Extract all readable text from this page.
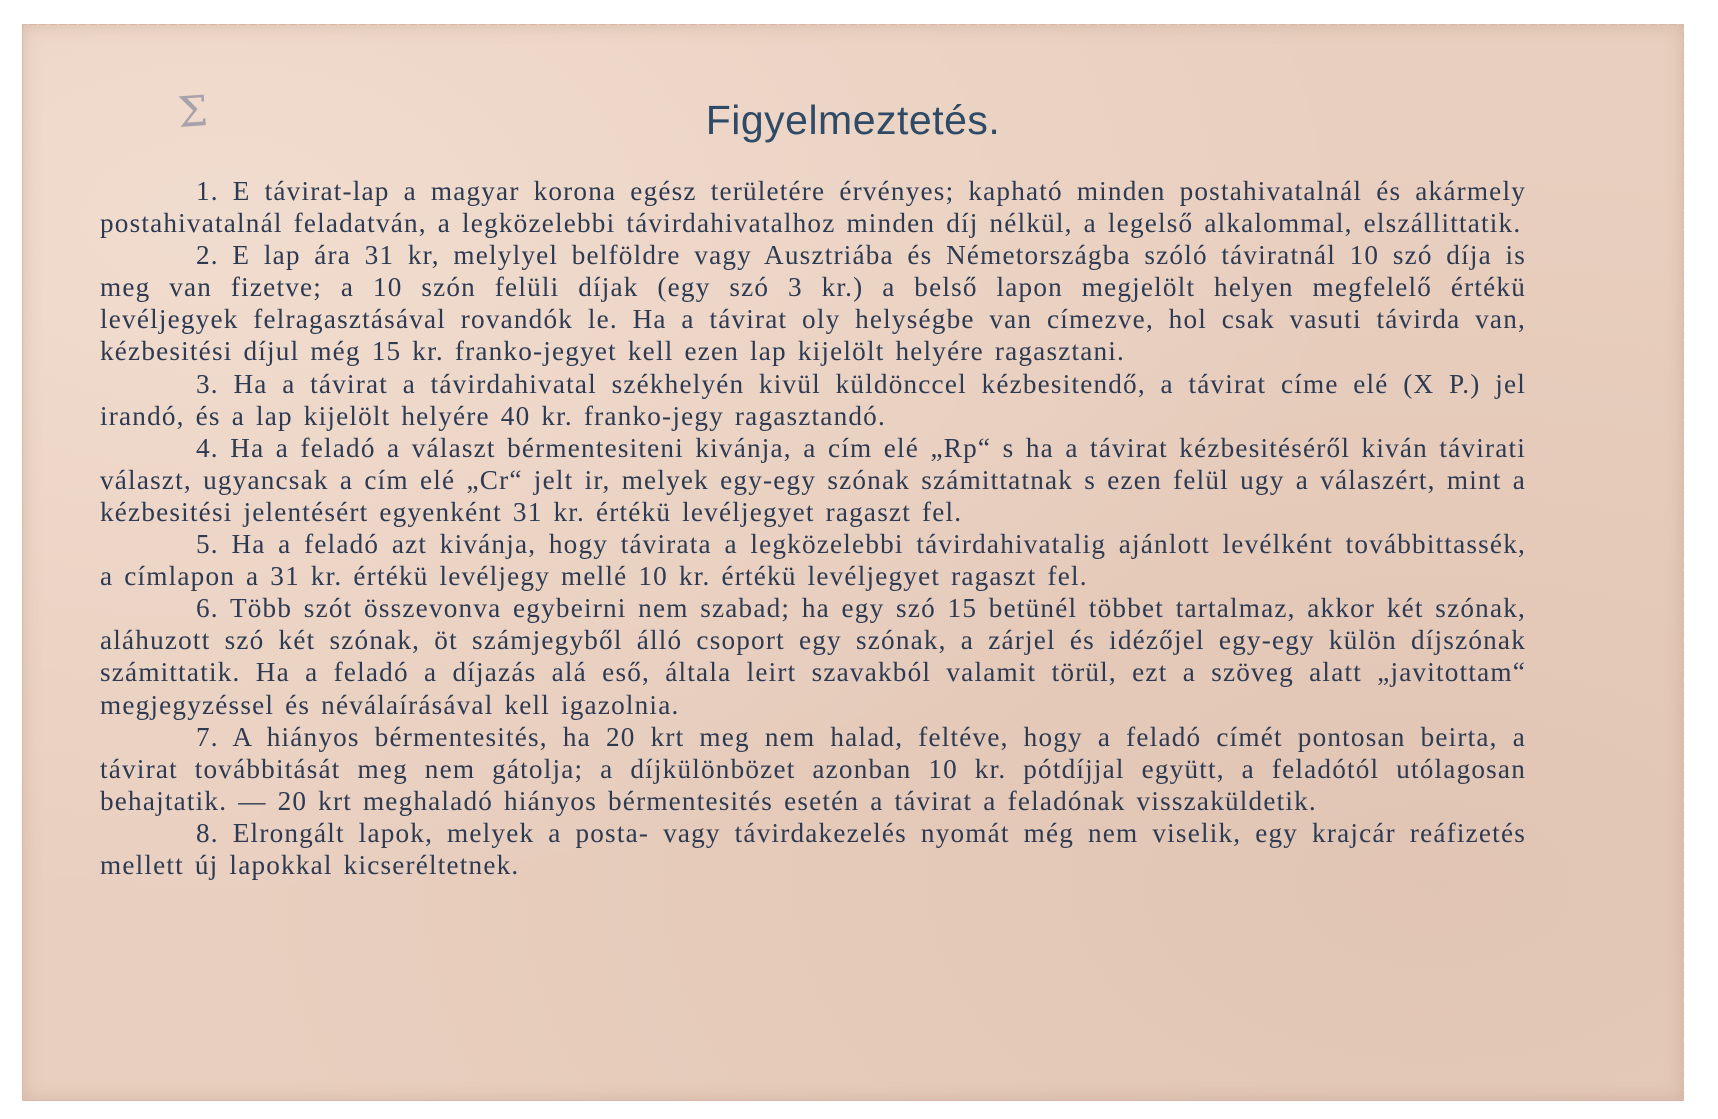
Σ	Figyelmeztetés.

1. E távirat-lap a magyar korona egész területére érvényes; kapható minden postahivatalnál és akármely postahivatalnál feladatván, a legközelebbi távirdahivatalhoz minden díj nélkül, a legelső alkalommal, elszállittatik.

2. E lap ára 31 kr, melylyel belföldre vagy Ausztriába és Németországba szóló táviratnál 10 szó díja is meg van fizetve; a 10 szón felüli díjak (egy szó 3 kr.) a belső lapon megjelölt helyen megfelelő értékü levéljegyek felragasztásával rovandók le. Ha a távirat oly helységbe van címezve, hol csak vasuti távirda van, kézbesitési díjul még 15 kr. franko-jegyet kell ezen lap kijelölt helyére ragasztani.

3. Ha a távirat a távirdahivatal székhelyén kivül küldönccel kézbesitendő, a távirat címe elé (X P.) jel irandó, és a lap kijelölt helyére 40 kr. franko-jegy ragasztandó.

4. Ha a feladó a választ bérmentesiteni kivánja, a cím elé „Rp“ s ha a távirat kézbesitéséről kiván távirati választ, ugyancsak a cím elé „Cr“ jelt ir, melyek egy-egy szónak számittatnak s ezen felül ugy a válaszért, mint a kézbesitési jelentésért egyenként 31 kr. értékü levéljegyet ragaszt fel.

5. Ha a feladó azt kivánja, hogy távirata a legközelebbi távirdahivatalig ajánlott levélként továbbittassék, a címlapon a 31 kr. értékü levéljegy mellé 10 kr. értékü levéljegyet ragaszt fel.

6. Több szót összevonva egybeirni nem szabad; ha egy szó 15 betünél többet tartalmaz, akkor két szónak, aláhuzott szó két szónak, öt számjegyből álló csoport egy szónak, a zárjel és idézőjel egy-egy külön díjszónak számittatik. Ha a feladó a díjazás alá eső, általa leirt szavakból valamit törül, ezt a szöveg alatt „javitottam“ megjegyzéssel és néválaírásával kell igazolnia.

7. A hiányos bérmentesités, ha 20 krt meg nem halad, feltéve, hogy a feladó címét pontosan beirta, a távirat továbbitását meg nem gátolja; a díjkülönbözet azonban 10 kr. pótdíjjal együtt, a feladótól utólagosan behajtatik. — 20 krt meghaladó hiányos bérmentesités esetén a távirat a feladónak visszaküldetik.

8. Elrongált lapok, melyek a posta- vagy távirdakezelés nyomát még nem viselik, egy krajcár reáfizetés mellett új lapokkal kicseréltetnek.
